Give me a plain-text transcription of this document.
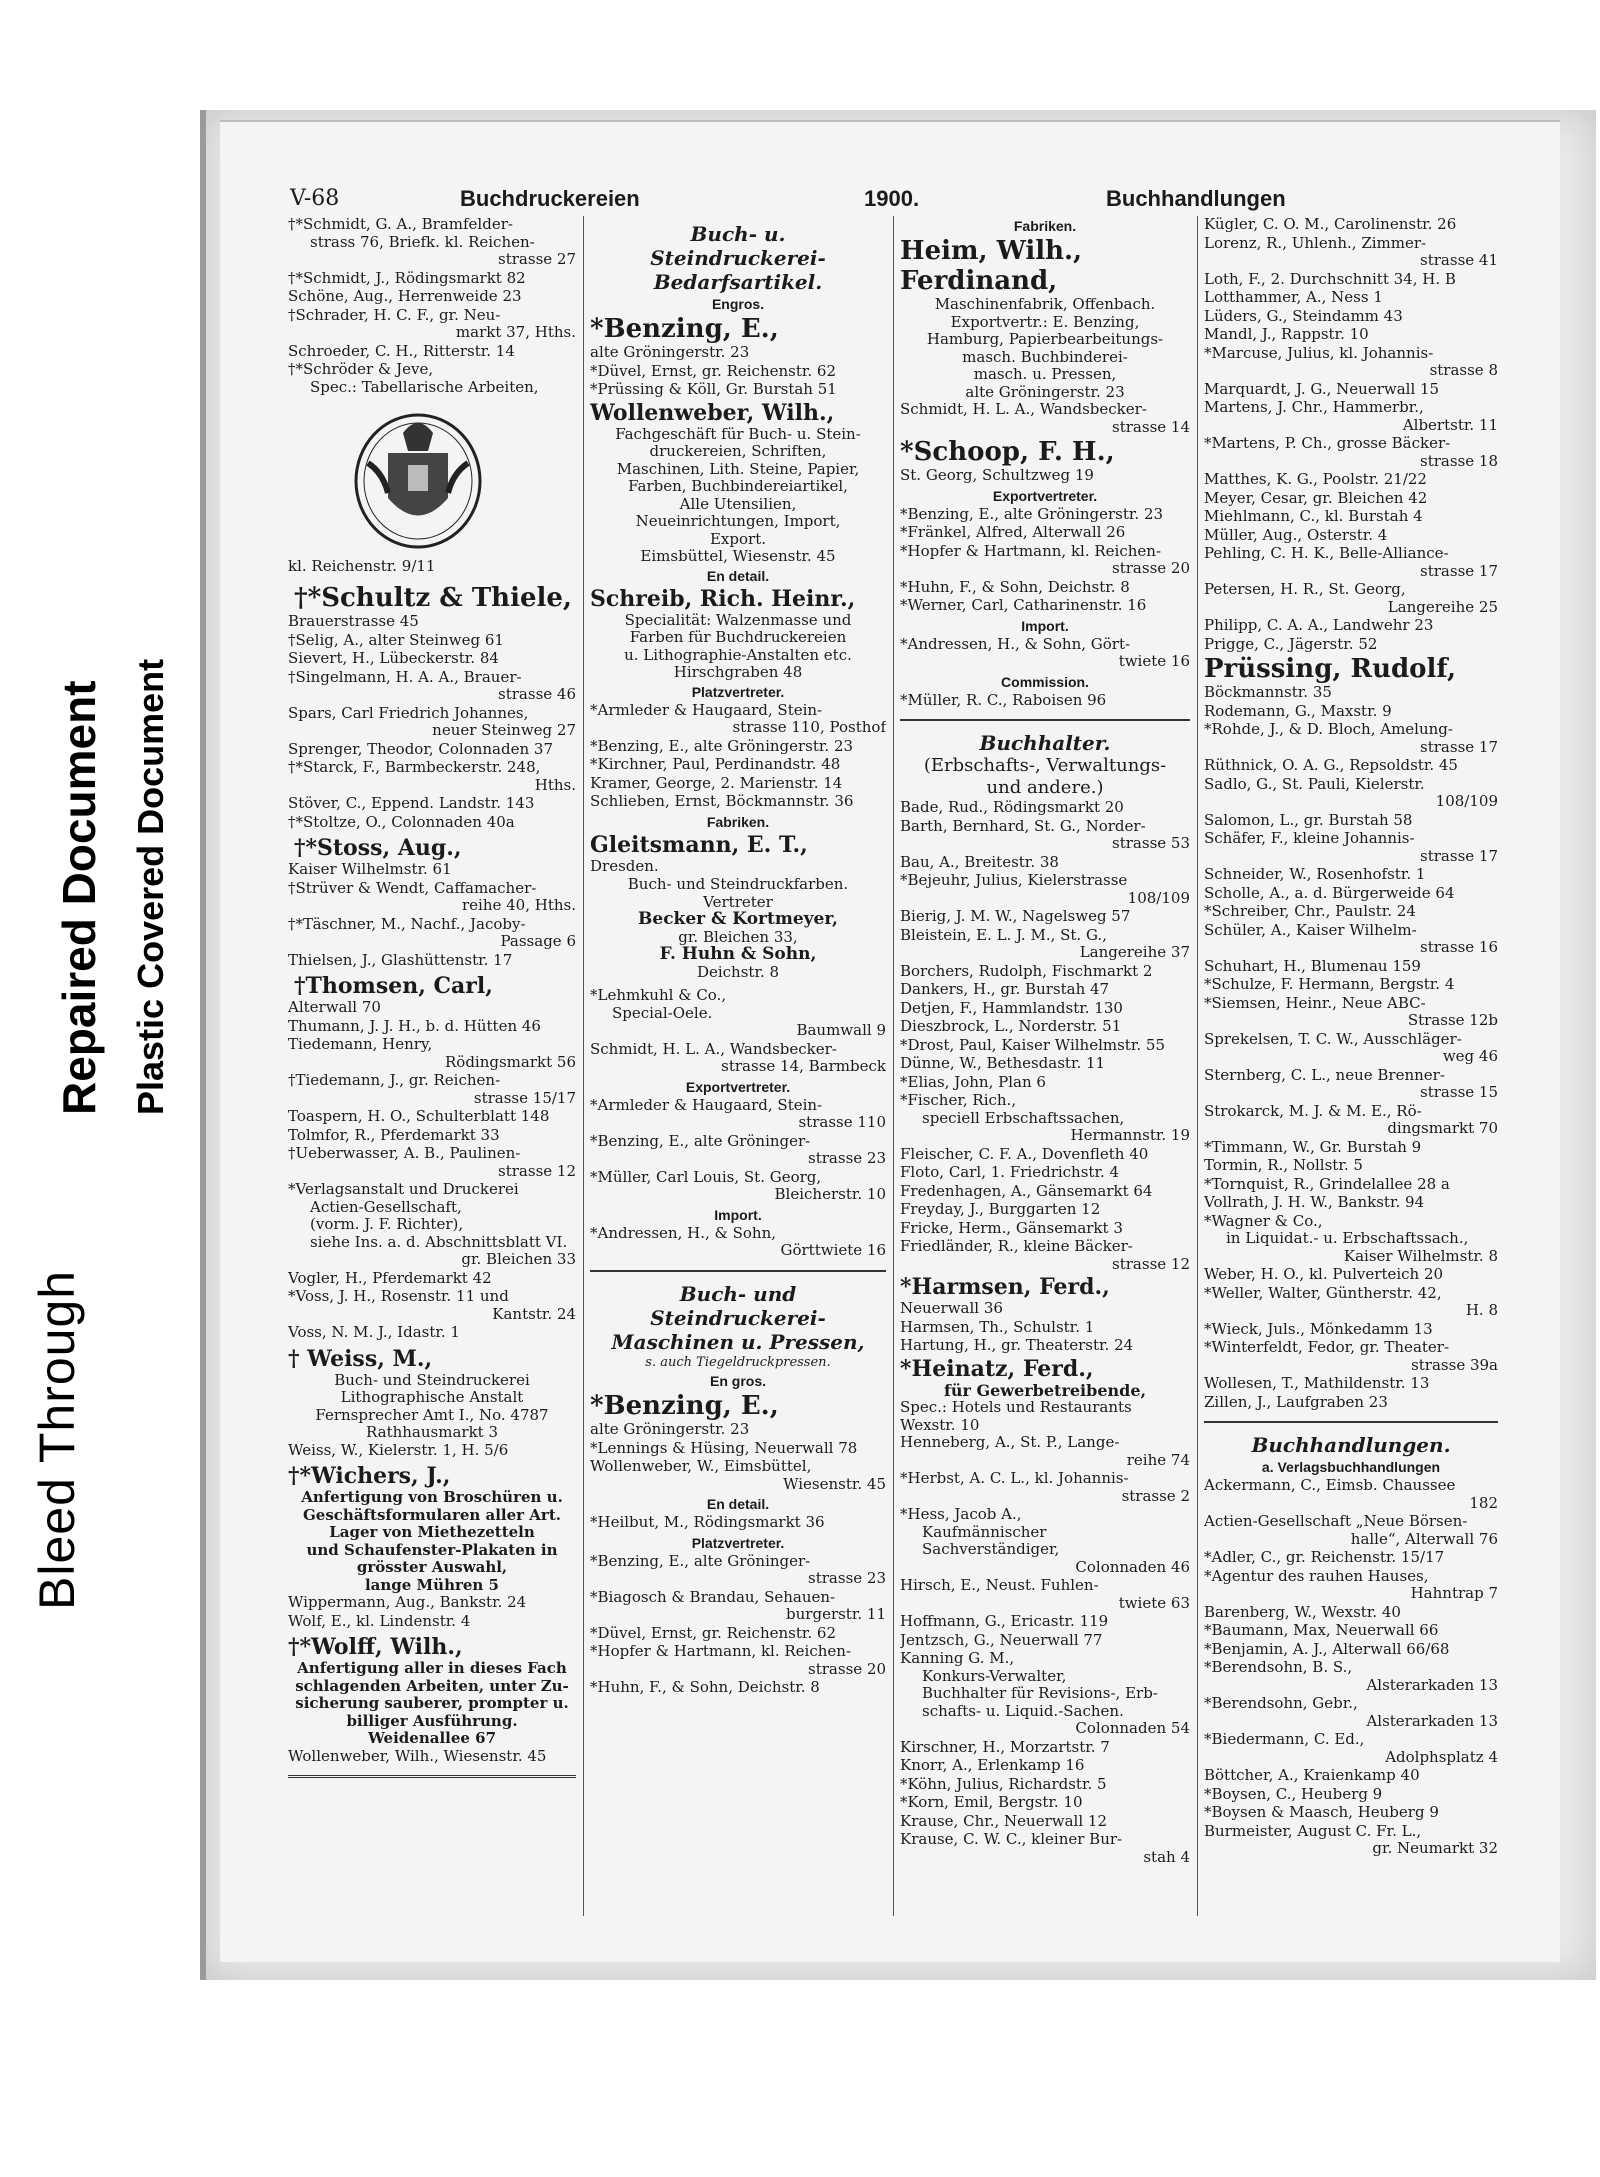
Bleed Through
Repaired Document Plastic Covered Document
V-68	Buchdruckereien	1900.	Buchhandlungen
†*Schmidt, G. A., Bramfelder-
strass 76, Briefk. kl. Reichen-
strasse 27
†*Schmidt, J., Rödingsmarkt 82
Schöne, Aug., Herrenweide 23
†Schrader, H. C. F., gr. Neu-
markt 37, Hths.
Schroeder, C. H., Ritterstr. 14
†*Schröder & Jeve,
Spec.: Tabellarische Arbeiten,
kl. Reichenstr. 9/11
†*Schultz & Thiele,
Brauerstrasse 45
†Selig, A., alter Steinweg 61
Sievert, H., Lübeckerstr. 84
†Singelmann, H. A. A., Brauer-
strasse 46
Spars, Carl Friedrich Johannes,
neuer Steinweg 27
Sprenger, Theodor, Colonnaden 37
†*Starck, F., Barmbeckerstr. 248,
Hths.
Stöver, C., Eppend. Landstr. 143
†*Stoltze, O., Colonnaden 40a
†*Stoss, Aug.,
Kaiser Wilhelmstr. 61
†Strüver & Wendt, Caffamacher-
reihe 40, Hths.
†*Täschner, M., Nachf., Jacoby-
Passage 6
Thielsen, J., Glashüttenstr. 17
†Thomsen, Carl,
Alterwall 70
Thumann, J. J. H., b. d. Hütten 46
Tiedemann, Henry,
Rödingsmarkt 56
†Tiedemann, J., gr. Reichen-
strasse 15/17
Toaspern, H. O., Schulterblatt 148
Tolmfor, R., Pferdemarkt 33
†Ueberwasser, A. B., Paulinen-
strasse 12
*Verlagsanstalt und Druckerei
Actien-Gesellschaft,
(vorm. J. F. Richter),
siehe Ins. a. d. Abschnittsblatt VI.
gr. Bleichen 33
Vogler, H., Pferdemarkt 42
*Voss, J. H., Rosenstr. 11 und
Kantstr. 24
Voss, N. M. J., Idastr. 1
† Weiss, M.,
Buch- und Steindruckerei
Lithographische Anstalt
Fernsprecher Amt I., No. 4787
Rathhausmarkt 3
Weiss, W., Kielerstr. 1, H. 5/6
†*Wichers, J.,
Anfertigung von Broschüren u.
Geschäftsformularen aller Art.
Lager von Miethezetteln
und Schaufenster-Plakaten in
grösster Auswahl,
lange Mühren 5
Wippermann, Aug., Bankstr. 24
Wolf, E., kl. Lindenstr. 4
†*Wolff, Wilh.,
Anfertigung aller in dieses Fach
schlagenden Arbeiten, unter Zu-
sicherung sauberer, prompter u.
billiger Ausführung.
Weidenallee 67
Wollenweber, Wilh., Wiesenstr. 45
Buch- u.
Steindruckerei-
Bedarfsartikel.
Engros.
*Benzing, E.,
alte Gröningerstr. 23
*Düvel, Ernst, gr. Reichenstr. 62
*Prüssing & Köll, Gr. Burstah 51
Wollenweber, Wilh.,
Fachgeschäft für Buch- u. Stein-
druckereien, Schriften,
Maschinen, Lith. Steine, Papier,
Farben, Buchbindereiartikel,
Alle Utensilien,
Neueinrichtungen, Import,
Export.
Eimsbüttel, Wiesenstr. 45
En detail.
Schreib, Rich. Heinr.,
Specialität: Walzenmasse und
Farben für Buchdruckereien
u. Lithographie-Anstalten etc.
Hirschgraben 48
Platzvertreter.
*Armleder & Haugaard, Stein-
strasse 110, Posthof
*Benzing, E., alte Gröningerstr. 23
*Kirchner, Paul, Perdinandstr. 48
Kramer, George, 2. Marienstr. 14
Schlieben, Ernst, Böckmannstr. 36
Fabriken.
Gleitsmann, E. T.,
Dresden.
Buch- und Steindruckfarben.
Vertreter
Becker & Kortmeyer,
gr. Bleichen 33,
F. Huhn & Sohn,
Deichstr. 8
*Lehmkuhl & Co.,
Special-Oele.
Baumwall 9
Schmidt, H. L. A., Wandsbecker-
strasse 14, Barmbeck
Exportvertreter.
*Armleder & Haugaard, Stein-
strasse 110
*Benzing, E., alte Gröninger-
strasse 23
*Müller, Carl Louis, St. Georg,
Bleicherstr. 10
Import.
*Andressen, H., & Sohn,
Görttwiete 16
Buch- und
Steindruckerei-
Maschinen u. Pressen,
s. auch Tiegeldruckpressen.
En gros.
*Benzing, E.,
alte Gröningerstr. 23
*Lennings & Hüsing, Neuerwall 78
Wollenweber, W., Eimsbüttel,
Wiesenstr. 45
En detail.
*Heilbut, M., Rödingsmarkt 36
Platzvertreter.
*Benzing, E., alte Gröninger-
strasse 23
*Biagosch & Brandau, Sehauen-
burgerstr. 11
*Düvel, Ernst, gr. Reichenstr. 62
*Hopfer & Hartmann, kl. Reichen-
strasse 20
*Huhn, F., & Sohn, Deichstr. 8
Fabriken.
Heim, Wilh.,
Ferdinand,
Maschinenfabrik, Offenbach.
Exportvertr.: E. Benzing,
Hamburg, Papierbearbeitungs-
masch. Buchbinderei-
masch. u. Pressen,
alte Gröningerstr. 23
Schmidt, H. L. A., Wandsbecker-
strasse 14
*Schoop, F. H.,
St. Georg, Schultzweg 19
Exportvertreter.
*Benzing, E., alte Gröningerstr. 23
*Fränkel, Alfred, Alterwall 26
*Hopfer & Hartmann, kl. Reichen-
strasse 20
*Huhn, F., & Sohn, Deichstr. 8
*Werner, Carl, Catharinenstr. 16
Import.
*Andressen, H., & Sohn, Gört-
twiete 16
Commission.
*Müller, R. C., Raboisen 96
Buchhalter.
(Erbschafts-, Verwaltungs-
und andere.)
Bade, Rud., Rödingsmarkt 20
Barth, Bernhard, St. G., Norder-
strasse 53
Bau, A., Breitestr. 38
*Bejeuhr, Julius, Kielerstrasse
108/109
Bierig, J. M. W., Nagelsweg 57
Bleistein, E. L. J. M., St. G.,
Langereihe 37
Borchers, Rudolph, Fischmarkt 2
Dankers, H., gr. Burstah 47
Detjen, F., Hammlandstr. 130
Dieszbrock, L., Norderstr. 51
*Drost, Paul, Kaiser Wilhelmstr. 55
Dünne, W., Bethesdastr. 11
*Elias, John, Plan 6
*Fischer, Rich.,
speciell Erbschaftssachen,
Hermannstr. 19
Fleischer, C. F. A., Dovenfleth 40
Floto, Carl, 1. Friedrichstr. 4
Fredenhagen, A., Gänsemarkt 64
Freyday, J., Burggarten 12
Fricke, Herm., Gänsemarkt 3
Friedländer, R., kleine Bäcker-
strasse 12
*Harmsen, Ferd.,
Neuerwall 36
Harmsen, Th., Schulstr. 1
Hartung, H., gr. Theaterstr. 24
*Heinatz, Ferd.,
für Gewerbetreibende,
Spec.: Hotels und Restaurants
Wexstr. 10
Henneberg, A., St. P., Lange-
reihe 74
*Herbst, A. C. L., kl. Johannis-
strasse 2
*Hess, Jacob A.,
Kaufmännischer
Sachverständiger,
Colonnaden 46
Hirsch, E., Neust. Fuhlen-
twiete 63
Hoffmann, G., Ericastr. 119
Jentzsch, G., Neuerwall 77
Kanning G. M.,
Konkurs-Verwalter,
Buchhalter für Revisions-, Erb-
schafts- u. Liquid.-Sachen.
Colonnaden 54
Kirschner, H., Morzartstr. 7
Knorr, A., Erlenkamp 16
*Köhn, Julius, Richardstr. 5
*Korn, Emil, Bergstr. 10
Krause, Chr., Neuerwall 12
Krause, C. W. C., kleiner Bur-
stah 4
Kügler, C. O. M., Carolinenstr. 26
Lorenz, R., Uhlenh., Zimmer-
strasse 41
Loth, F., 2. Durchschnitt 34, H. B
Lotthammer, A., Ness 1
Lüders, G., Steindamm 43
Mandl, J., Rappstr. 10
*Marcuse, Julius, kl. Johannis-
strasse 8
Marquardt, J. G., Neuerwall 15
Martens, J. Chr., Hammerbr.,
Albertstr. 11
*Martens, P. Ch., grosse Bäcker-
strasse 18
Matthes, K. G., Poolstr. 21/22
Meyer, Cesar, gr. Bleichen 42
Miehlmann, C., kl. Burstah 4
Müller, Aug., Osterstr. 4
Pehling, C. H. K., Belle-Alliance-
strasse 17
Petersen, H. R., St. Georg,
Langereihe 25
Philipp, C. A. A., Landwehr 23
Prigge, C., Jägerstr. 52
Prüssing, Rudolf,
Böckmannstr. 35
Rodemann, G., Maxstr. 9
*Rohde, J., & D. Bloch, Amelung-
strasse 17
Rüthnick, O. A. G., Repsoldstr. 45
Sadlo, G., St. Pauli, Kielerstr.
108/109
Salomon, L., gr. Burstah 58
Schäfer, F., kleine Johannis-
strasse 17
Schneider, W., Rosenhofstr. 1
Scholle, A., a. d. Bürgerweide 64
*Schreiber, Chr., Paulstr. 24
Schüler, A., Kaiser Wilhelm-
strasse 16
Schuhart, H., Blumenau 159
*Schulze, F. Hermann, Bergstr. 4
*Siemsen, Heinr., Neue ABC-
Strasse 12b
Sprekelsen, T. C. W., Ausschläger-
weg 46
Sternberg, C. L., neue Brenner-
strasse 15
Strokarck, M. J. & M. E., Rö-
dingsmarkt 70
*Timmann, W., Gr. Burstah 9
Tormin, R., Nollstr. 5
*Tornquist, R., Grindelallee 28 a
Vollrath, J. H. W., Bankstr. 94
*Wagner & Co.,
in Liquidat.- u. Erbschaftssach.,
Kaiser Wilhelmstr. 8
Weber, H. O., kl. Pulverteich 20
*Weller, Walter, Güntherstr. 42,
H. 8
*Wieck, Juls., Mönkedamm 13
*Winterfeldt, Fedor, gr. Theater-
strasse 39a
Wollesen, T., Mathildenstr. 13
Zillen, J., Laufgraben 23
Buchhandlungen.
a. Verlagsbuchhandlungen
Ackermann, C., Eimsb. Chaussee
182
Actien-Gesellschaft „Neue Börsen-
halle“, Alterwall 76
*Adler, C., gr. Reichenstr. 15/17
*Agentur des rauhen Hauses,
Hahntrap 7
Barenberg, W., Wexstr. 40
*Baumann, Max, Neuerwall 66
*Benjamin, A. J., Alterwall 66/68
*Berendsohn, B. S.,
Alsterarkaden 13
*Berendsohn, Gebr.,
Alsterarkaden 13
*Biedermann, C. Ed.,
Adolphsplatz 4
Böttcher, A., Kraienkamp 40
*Boysen, C., Heuberg 9
*Boysen & Maasch, Heuberg 9
Burmeister, August C. Fr. L.,
gr. Neumarkt 32
